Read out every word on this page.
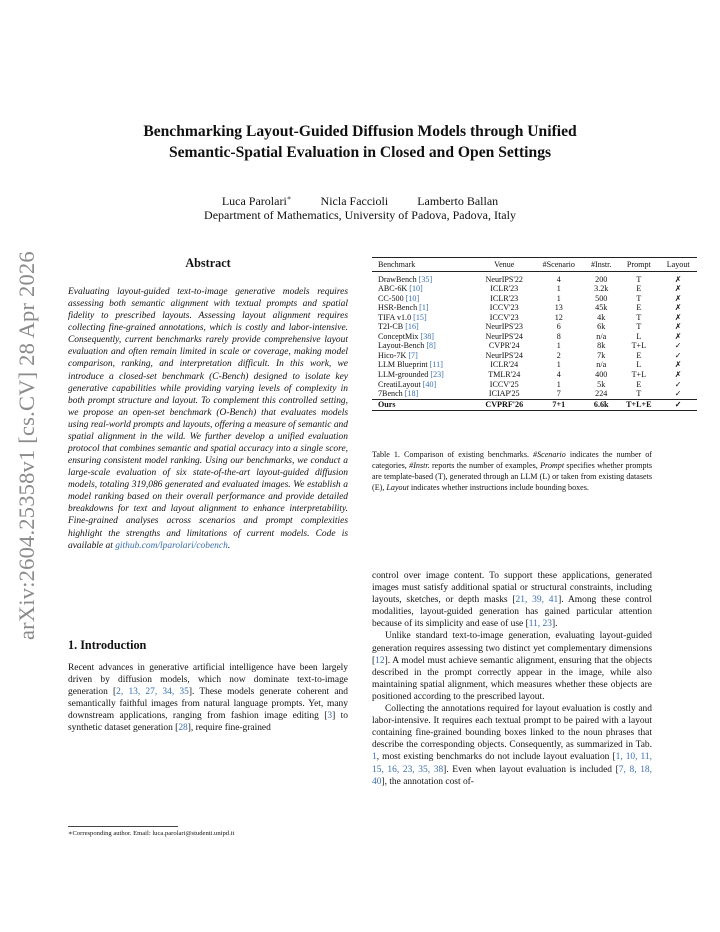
arXiv:2604.25358v1 [cs.CV] 28 Apr 2026
Benchmarking Layout-Guided Diffusion Models through Unified
Semantic-Spatial Evaluation in Closed and Open Settings
Luca Parolari∗ Nicla Faccioli Lamberto Ballan
Department of Mathematics, University of Padova, Padova, Italy
Abstract
Evaluating layout-guided text-to-image generative models requires assessing both semantic alignment with textual prompts and spatial fidelity to prescribed layouts. Assessing layout alignment requires collecting fine-grained annotations, which is costly and labor-intensive. Consequently, current benchmarks rarely provide comprehensive layout evaluation and often remain limited in scale or coverage, making model comparison, ranking, and interpretation difficult. In this work, we introduce a closed-set benchmark (C-Bench) designed to isolate key generative capabilities while providing varying levels of complexity in both prompt structure and layout. To complement this controlled setting, we propose an open-set benchmark (O-Bench) that evaluates models using real-world prompts and layouts, offering a measure of semantic and spatial alignment in the wild. We further develop a unified evaluation protocol that combines semantic and spatial accuracy into a single score, ensuring consistent model ranking. Using our benchmarks, we conduct a large-scale evaluation of six state-of-the-art layout-guided diffusion models, totaling 319,086 generated and evaluated images. We establish a model ranking based on their overall performance and provide detailed breakdowns for text and layout alignment to enhance interpretability. Fine-grained analyses across scenarios and prompt complexities highlight the strengths and limitations of current models. Code is available at github.com/lparolari/cobench.
1. Introduction
Recent advances in generative artificial intelligence have been largely driven by diffusion models, which now dominate text-to-image generation [2, 13, 27, 34, 35]. These models generate coherent and semantically faithful images from natural language prompts. Yet, many downstream applications, ranging from fashion image editing [3] to synthetic dataset generation [28], require fine-grained
∗Corresponding author. Email: luca.parolari@studenti.unipd.it
Benchmark	Venue	#Scenario	#Instr.	Prompt	Layout
DrawBench [35]	NeurIPS'22	4	200	T	✗
ABC-6K [10]	ICLR'23	1	3.2k	E	✗
CC-500 [10]	ICLR'23	1	500	T	✗
HSR-Bench [1]	ICCV'23	13	45k	E	✗
TIFA v1.0 [15]	ICCV'23	12	4k	T	✗
T2I-CB [16]	NeurIPS'23	6	6k	T	✗
ConceptMix [38]	NeurIPS'24	8	n/a	L	✗
Layout-Bench [8]	CVPR'24	1	8k	T+L	✓
Hico-7K [7]	NeurIPS'24	2	7k	E	✓
LLM Blueprint [11]	ICLR'24	1	n/a	L	✗
LLM-grounded [23]	TMLR'24	4	400	T+L	✗
CreatiLayout [40]	ICCV'25	1	5k	E	✓
7Bench [18]	ICIAP'25	7	224	T	✓
Ours	CVPRF'26	7+1	6.6k	T+L+E	✓
Table 1. Comparison of existing benchmarks. #Scenario indicates the number of categories, #Instr. reports the number of examples, Prompt specifies whether prompts are template-based (T), generated through an LLM (L) or taken from existing datasets (E), Layout indicates whether instructions include bounding boxes.

control over image content. To support these applications, generated images must satisfy additional spatial or structural constraints, including layouts, sketches, or depth masks [21, 39, 41]. Among these control modalities, layout-guided generation has gained particular attention because of its simplicity and ease of use [11, 23].

Unlike standard text-to-image generation, evaluating layout-guided generation requires assessing two distinct yet complementary dimensions [12]. A model must achieve semantic alignment, ensuring that the objects described in the prompt correctly appear in the image, while also maintaining spatial alignment, which measures whether these objects are positioned according to the prescribed layout.

Collecting the annotations required for layout evaluation is costly and labor-intensive. It requires each textual prompt to be paired with a layout containing fine-grained bounding boxes linked to the noun phrases that describe the corresponding objects. Consequently, as summarized in Tab. 1, most existing benchmarks do not include layout evaluation [1, 10, 11, 15, 16, 23, 35, 38]. Even when layout evaluation is included [7, 8, 18, 40], the annotation cost of-
